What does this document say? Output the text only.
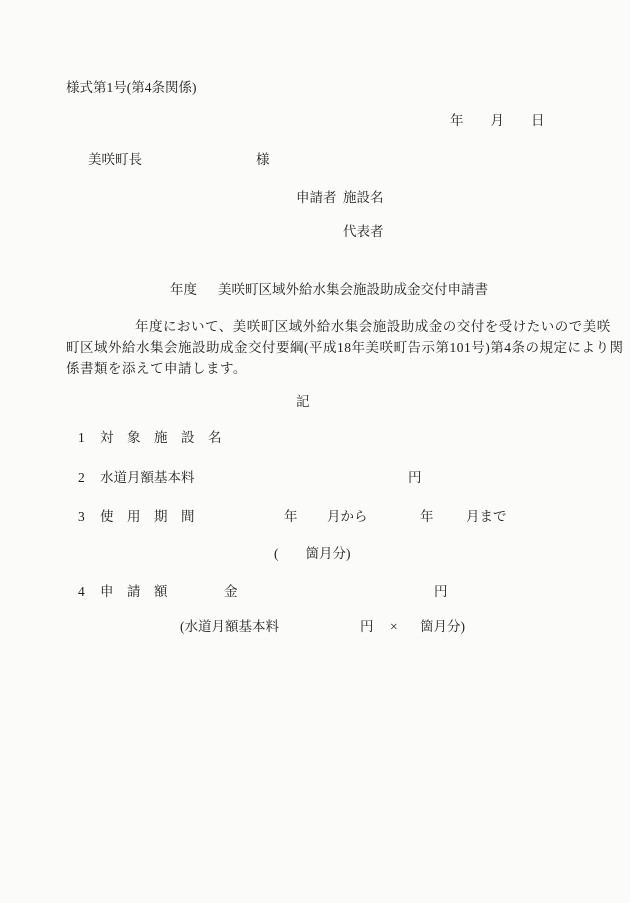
様式第1号(第4条関係)
年　　月　　日
美咲町長	様
申請者 施設名
代表者
年度 美咲町区域外給水集会施設助成金交付申請書
年度において、美咲町区域外給水集会施設助成金の交付を受けたいので美咲
町区域外給水集会施設助成金交付要綱(平成18年美咲町告示第101号)第4条の規定により関
係書類を添えて申請します。
記
1 対　象　施　設　名
2 水道月額基本料	円
3 使　用　期　間	年 月から	年 月まで
(　　箇月分)
4 申　請　額	金	円
(水道月額基本料	円 × 箇月分)
